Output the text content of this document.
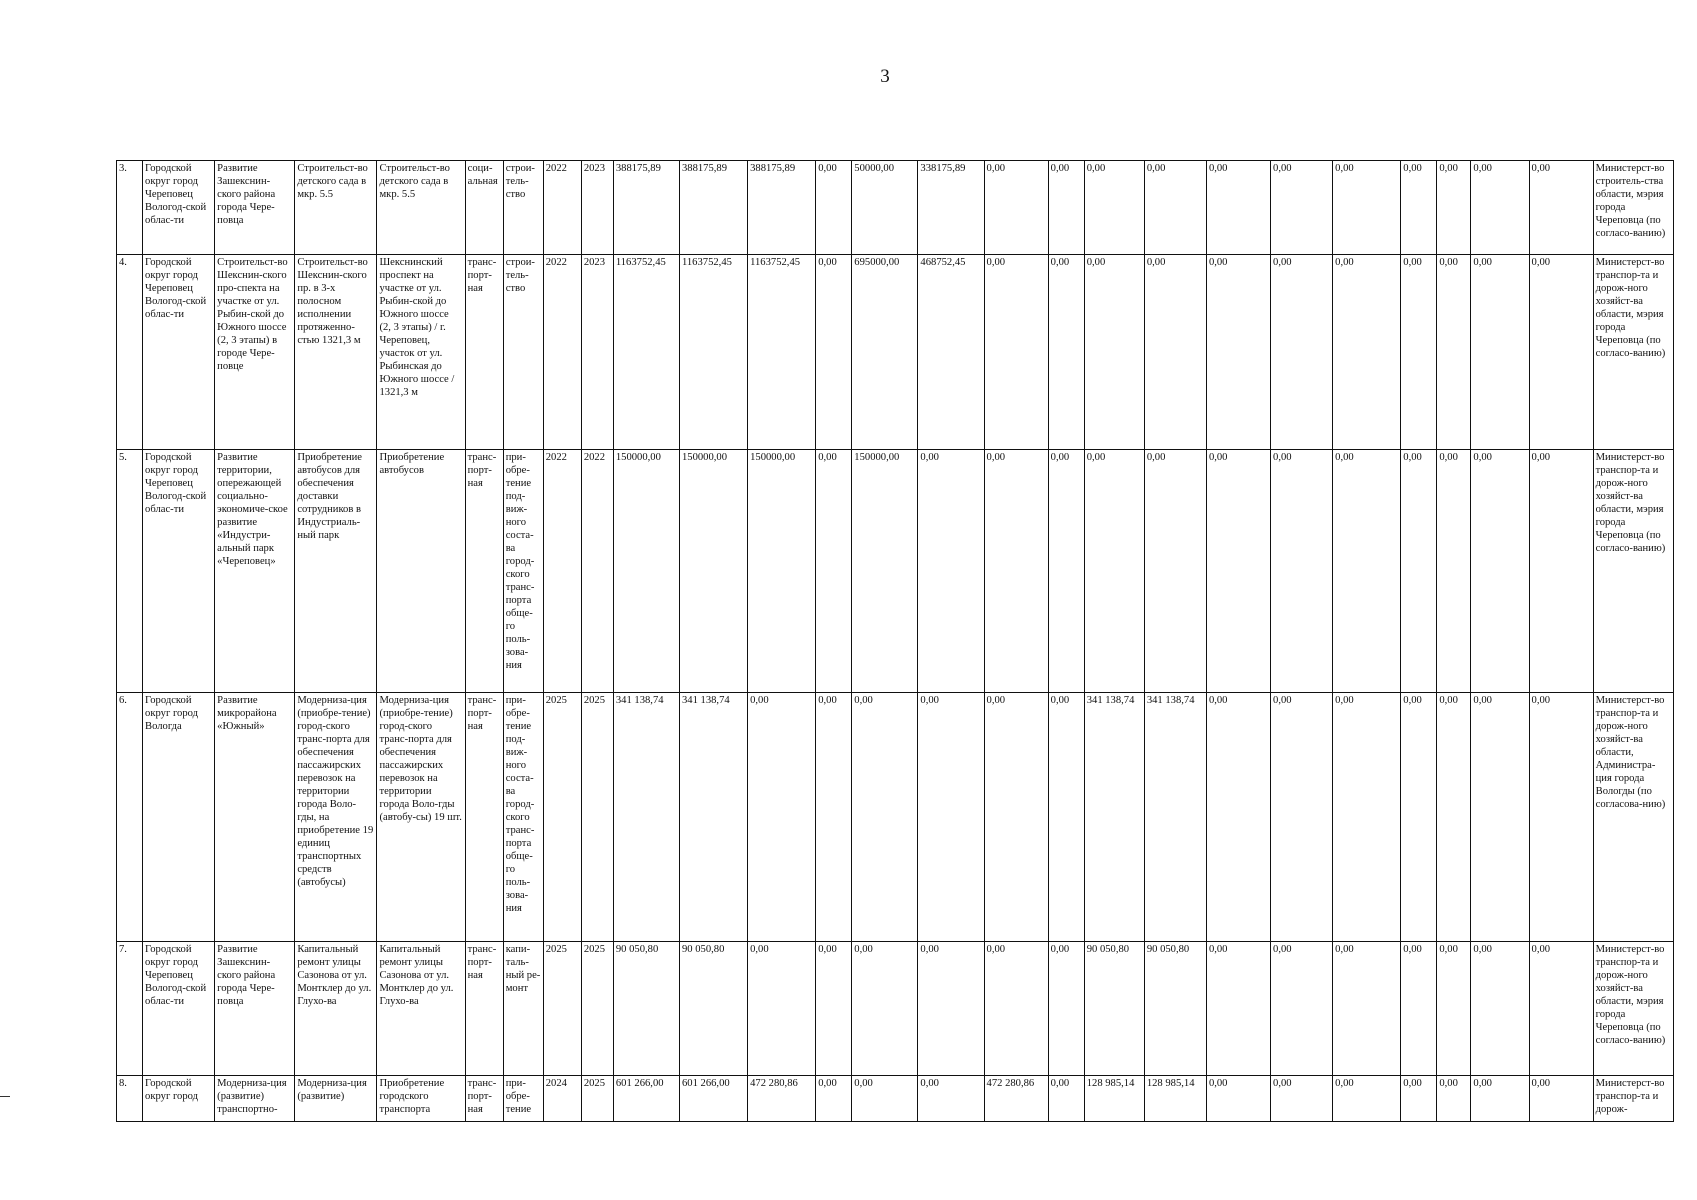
3
3.	Городской округ город Череповец Вологод-ской облас-ти	Развитие Зашекснин-ского района города Чере-повца	Строительст-во детского сада в мкр. 5.5	Строительст-во детского сада в мкр. 5.5	соци-альная	строи-тель-ство	2022	2023	388175,89	388175,89	388175,89	0,00	50000,00	338175,89	0,00	0,00	0,00	0,00	0,00	0,00	0,00	0,00	0,00	0,00	0,00	Министерст-во строитель-ства области, мэрия города Череповца (по согласо-ванию)
4.	Городской округ город Череповец Вологод-ской облас-ти	Строительст-во Шекснин-ского про-спекта на участке от ул. Рыбин-ской до Южного шоссе (2, 3 этапы) в городе Чере-повце	Строительст-во Шекснин-ского пр. в 3-х полосном исполнении протяженно-стью 1321,3 м	Шекснинский проспект на участке от ул. Рыбин-ской до Южного шоссе (2, 3 этапы) / г. Череповец, участок от ул. Рыбинская до Южного шоссе / 1321,3 м	транс-порт-ная	строи-тель-ство	2022	2023	1163752,45	1163752,45	1163752,45	0,00	695000,00	468752,45	0,00	0,00	0,00	0,00	0,00	0,00	0,00	0,00	0,00	0,00	0,00	Министерст-во транспор-та и дорож-ного хозяйст-ва области, мэрия города Череповца (по согласо-ванию)
5.	Городской округ город Череповец Вологод-ской облас-ти	Развитие территории, опережающей социально-экономиче-ское развитие «Индустри-альный парк «Череповец»	Приобретение автобусов для обеспечения доставки сотрудников в Индустриаль-ный парк	Приобретение автобусов	транс-порт-ная	при-обре-тение под-виж-ного соста-ва город-ского транс-порта обще-го поль-зова-ния	2022	2022	150000,00	150000,00	150000,00	0,00	150000,00	0,00	0,00	0,00	0,00	0,00	0,00	0,00	0,00	0,00	0,00	0,00	0,00	Министерст-во транспор-та и дорож-ного хозяйст-ва области, мэрия города Череповца (по согласо-ванию)
6.	Городской округ город Вологда	Развитие микрорайона «Южный»	Модерниза-ция (приобре-тение) город-ского транс-порта для обеспечения пассажирских перевозок на территории города Воло-гды, на приобретение 19 единиц транспортных средств (автобусы)	Модерниза-ция (приобре-тение) город-ского транс-порта для обеспечения пассажирских перевозок на территории города Воло-гды (автобу-сы) 19 шт.	транс-порт-ная	при-обре-тение под-виж-ного соста-ва город-ского транс-порта обще-го поль-зова-ния	2025	2025	341 138,74	341 138,74	0,00	0,00	0,00	0,00	0,00	0,00	341 138,74	341 138,74	0,00	0,00	0,00	0,00	0,00	0,00	0,00	Министерст-во транспор-та и дорож-ного хозяйст-ва области, Администра-ция города Вологды (по согласова-нию)
7.	Городской округ город Череповец Вологод-ской облас-ти	Развитие Зашекснин-ского района города Чере-повца	Капитальный ремонт улицы Сазонова от ул. Монтклер до ул. Глухо-ва	Капитальный ремонт улицы Сазонова от ул. Монтклер до ул. Глухо-ва	транс-порт-ная	капи-таль-ный ре-монт	2025	2025	90 050,80	90 050,80	0,00	0,00	0,00	0,00	0,00	0,00	90 050,80	90 050,80	0,00	0,00	0,00	0,00	0,00	0,00	0,00	Министерст-во транспор-та и дорож-ного хозяйст-ва области, мэрия города Череповца (по согласо-ванию)
8.	Городской округ город	Модерниза-ция (развитие) транспортно-	Модерниза-ция (развитие)	Приобретение городского транспорта	транс-порт-ная	при-обре-тение	2024	2025	601 266,00	601 266,00	472 280,86	0,00	0,00	0,00	472 280,86	0,00	128 985,14	128 985,14	0,00	0,00	0,00	0,00	0,00	0,00	0,00	Министерст-во транспор-та и дорож-
